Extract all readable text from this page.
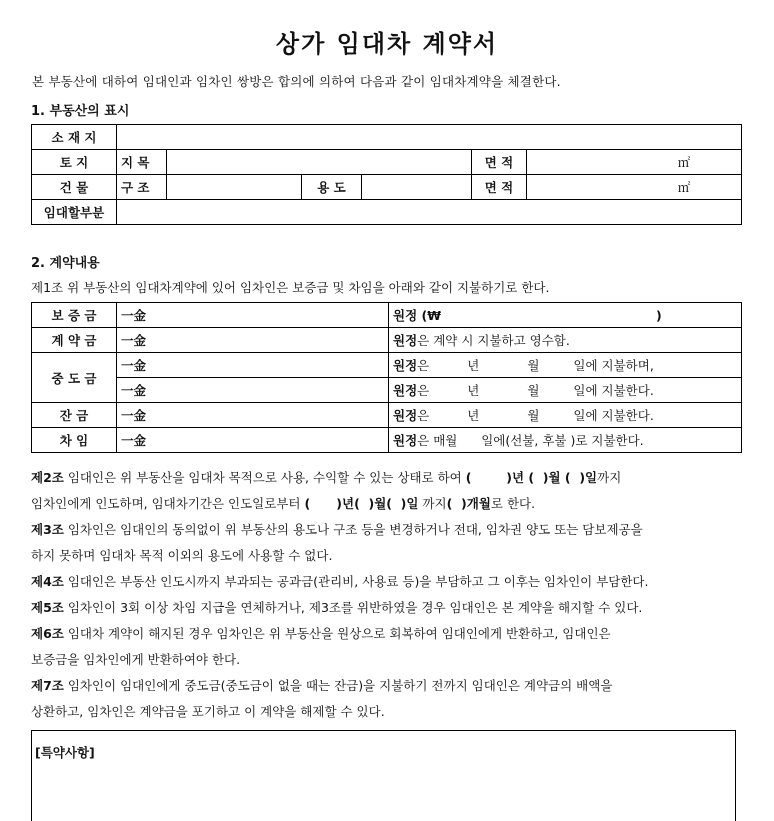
상가 임대차 계약서
본 부동산에 대하여 임대인과 임차인 쌍방은 합의에 의하여 다음과 같이 임대차계약을 체결한다.
1. 부동산의 표시
소 재 지						
토 지	지 목				면 적	㎡
건 물	구 조		용 도		면 적	㎡
임대할부분						
2. 계약내용
제1조 위 부동산의 임대차계약에 있어 임차인은 보증금 및 차임을 아래와 같이 지불하기로 한다.
보 증 금	一金	원정 (₩ )
계 약 금	一金	원정은 계약 시 지불하고 영수함.
중 도 금	一金	원정은 년 월 일에 지불하며,
	一金	원정은 년 월 일에 지불한다.
잔 금	一金	원정은 년 월 일에 지불한다.
차 임	一金	원정은 매월      일에(선불, 후불 )로 지불한다.
제2조 임대인은 위 부동산을 임대차 목적으로 사용, 수익할 수 있는 상태로 하여 (        )년 (  )월 (  )일까지
임차인에게 인도하며, 임대차기간은 인도일로부터 (      )년(  )월(  )일 까지(  )개월로 한다.
제3조 임차인은 임대인의 동의없이 위 부동산의 용도나 구조 등을 변경하거나 전대, 임차권 양도 또는 담보제공을
하지 못하며 임대차 목적 이외의 용도에 사용할 수 없다.
제4조 임대인은 부동산 인도시까지 부과되는 공과금(관리비, 사용료 등)을 부담하고 그 이후는 임차인이 부담한다.
제5조 임차인이 3회 이상 차임 지급을 연체하거나, 제3조를 위반하였을 경우 임대인은 본 계약을 해지할 수 있다.
제6조 임대차 계약이 해지된 경우 임차인은 위 부동산을 원상으로 회복하여 임대인에게 반환하고, 임대인은
보증금을 임차인에게 반환하여야 한다.
제7조 임차인이 임대인에게 중도금(중도금이 없을 때는 잔금)을 지불하기 전까지 임대인은 계약금의 배액을
상환하고, 임차인은 계약금을 포기하고 이 계약을 해제할 수 있다.
[특약사항]
